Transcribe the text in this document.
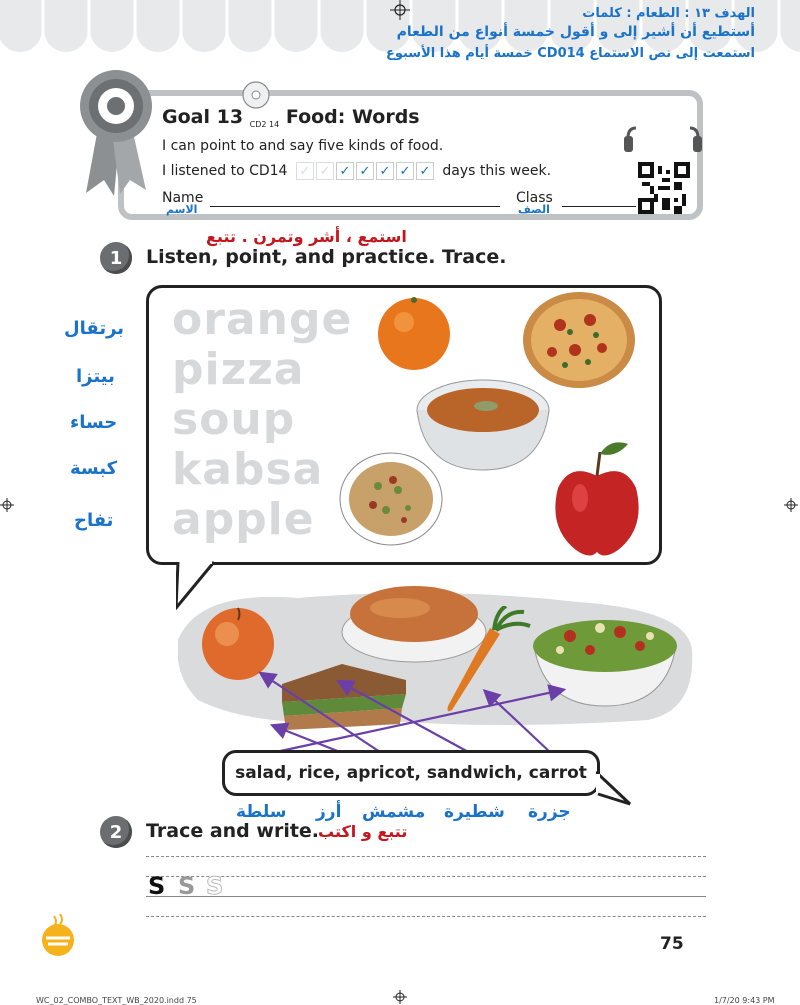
الهدف ١٣ : الطعام : كلمات
أستطيع أن أشير إلى و أقول خمسة أنواع من الطعام
استمعت إلى نص الاستماع CD014 خمسة أيام هذا الأسبوع
Goal 13 $_{CD2 14}$ Food: Words
I can point to and say five kinds of food.
I listened to CD14 ✓ ✓ ✓ ✓ ✓ ✓ ✓ days this week.
Name
الاسم
Class
الصف
استمع ، أشر وتمرن . تتبع
1	Listen, point, and practice. Trace.
برتقال
بيتزا
حساء
كبسة
تفاح
orange
pizza
soup
kabsa
apple
salad, rice, apricot, sandwich, carrot
جزرة
شطيرة
مشمش
أرز
سلطة
2	Trace and write.
تتبع و اكتب
S S S
75
WC_02_COMBO_TEXT_WB_2020.indd 75	1/7/20 9:43 PM
